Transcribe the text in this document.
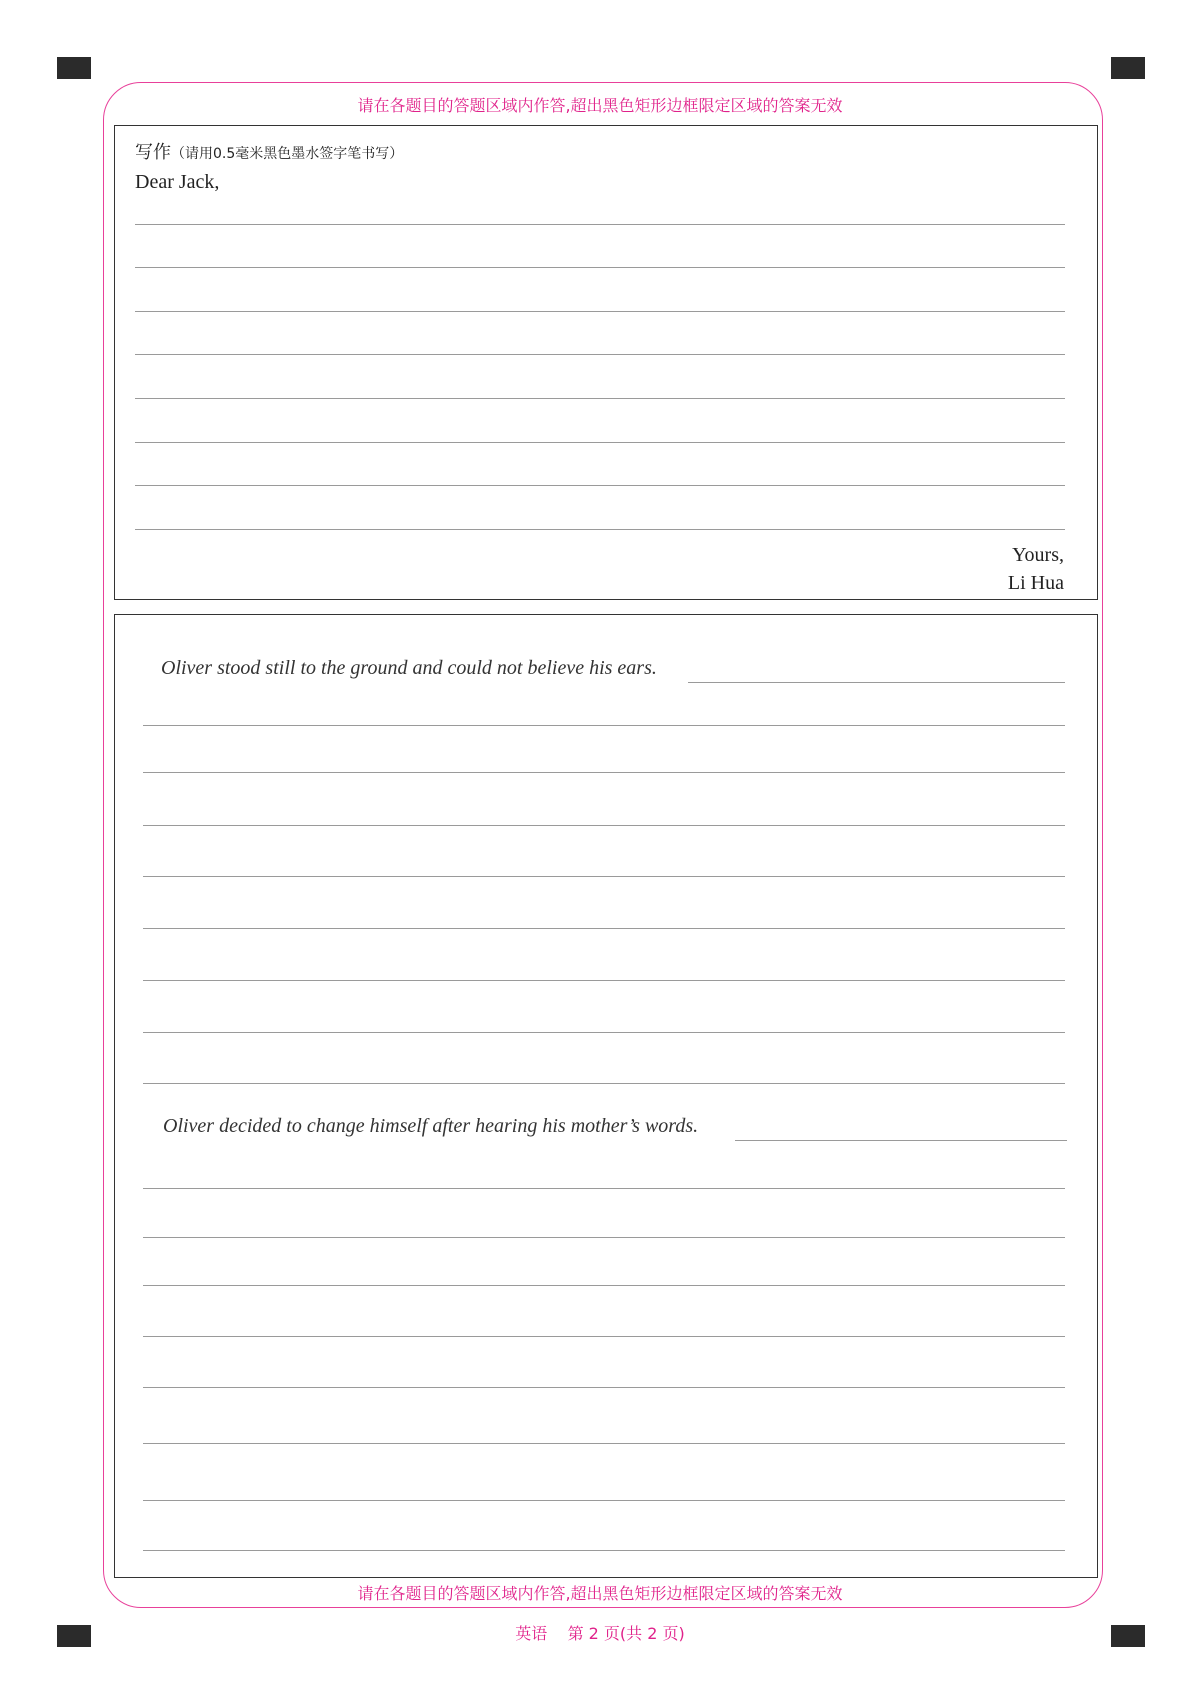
请在各题目的答题区域内作答,超出黑色矩形边框限定区域的答案无效
写作（请用0.5毫米黑色墨水签字笔书写）
Dear Jack,
Yours,
Li Hua
Oliver stood still to the ground and could not believe his ears.
Oliver decided to change himself after hearing his mother’s words.
请在各题目的答题区域内作答,超出黑色矩形边框限定区域的答案无效
英语 第 2 页(共 2 页)
